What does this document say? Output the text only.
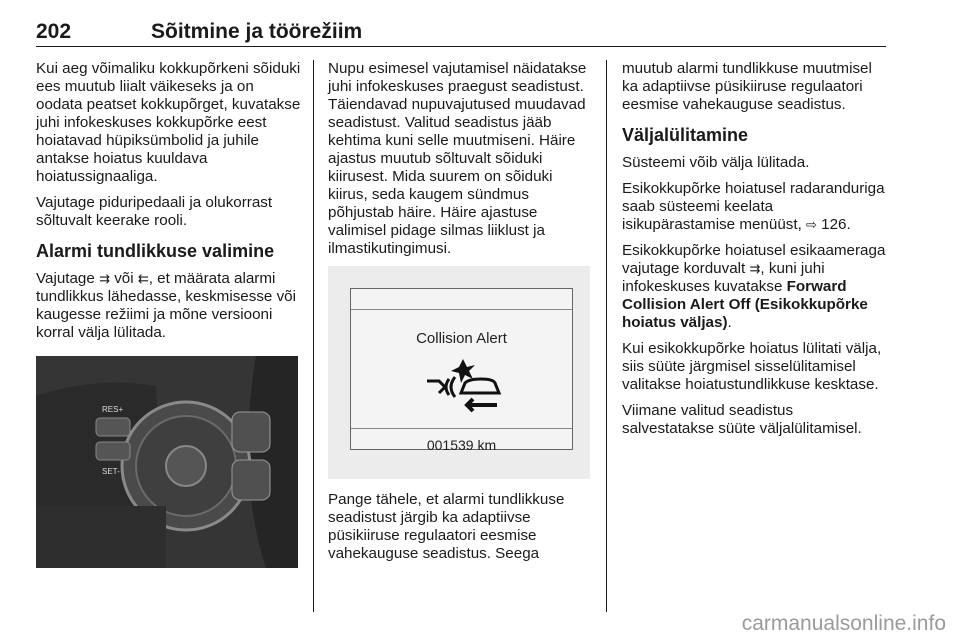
202	Sõitmine ja töörežiim

Kui aeg võimaliku kokkupõrkeni sõiduki ees muutub liialt väikeseks ja on oodata peatset kokkupõrget, kuvatakse juhi infokeskuses kokkupõrke eest hoiatavad hüpiksümbolid ja juhile antakse hoiatus kuuldava hoiatussignaaliga.

Vajutage piduripedaali ja olukorrast sõltuvalt keerake rooli.

Alarmi tundlikkuse valimine

Vajutage ⇉ või ⇇, et määrata alarmi tundlikkus lähedasse, keskmisesse või kaugesse režiimi ja mõne versiooni korral välja lülitada.

RES+
SET-

Nupu esimesel vajutamisel näidatakse juhi infokeskuses praegust seadistust. Täiendavad nupuvajutused muudavad seadistust. Valitud seadistus jääb kehtima kuni selle muutmiseni. Häire ajastus muutub sõltuvalt sõiduki kiirusest. Mida suurem on sõiduki kiirus, seda kaugem sündmus põhjustab häire. Häire ajastuse valimisel pidage silmas liiklust ja ilmastikutingimusi.

Collision Alert
001539 km

Pange tähele, et alarmi tundlikkuse seadistust järgib ka adaptiivse püsikiiruse regulaatori eesmise vahekauguse seadistus. Seega

muutub alarmi tundlikkuse muutmisel ka adaptiivse püsikiiruse regulaatori eesmise vahekauguse seadistus.

Väljalülitamine

Süsteemi võib välja lülitada.

Esikokkupõrke hoiatusel radaranduriga saab süsteemi keelata isikupärastamise menüüst, ⇨ 126.

Esikokkupõrke hoiatusel esikaameraga vajutage korduvalt ⇉, kuni juhi infokeskuses kuvatakse Forward Collision Alert Off (Esikokkupõrke hoiatus väljas).

Kui esikokkupõrke hoiatus lülitati välja, siis süüte järgmisel sisselülitamisel valitakse hoiatustundlikkuse kesktase.

Viimane valitud seadistus salvestatakse süüte väljalülitamisel.

carmanualsonline.info
